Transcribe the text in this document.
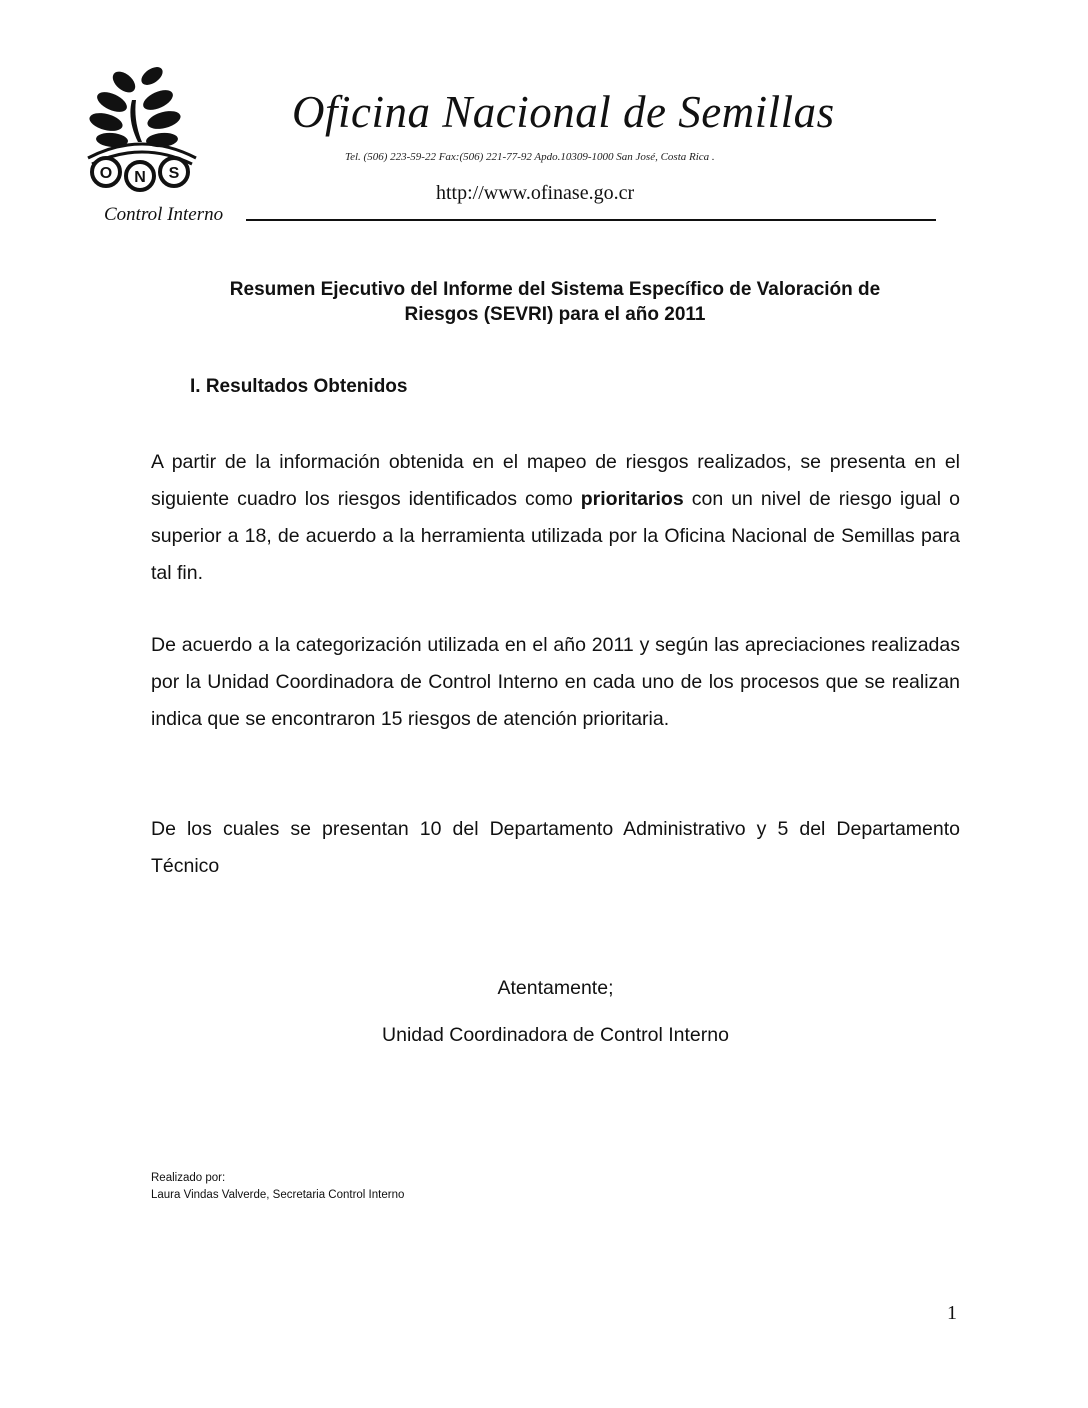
O N S
Oficina Nacional de Semillas
Tel. (506) 223-59-22 Fax:(506) 221-77-92 Apdo.10309-1000 San José, Costa Rica .
http://www.ofinase.go.cr
Control Interno
Resumen Ejecutivo del Informe del Sistema Específico de Valoración de
Riesgos (SEVRI) para el año 2011
I. Resultados Obtenidos
A partir de la información obtenida en el mapeo de riesgos realizados, se presenta en el siguiente cuadro los riesgos identificados como prioritarios con un nivel de riesgo igual o superior a 18, de acuerdo a la herramienta utilizada por la Oficina Nacional de Semillas para tal fin.
De acuerdo a la categorización utilizada en el año 2011 y según las apreciaciones realizadas por la Unidad Coordinadora de Control Interno en cada uno de los procesos que se realizan indica que se encontraron 15 riesgos de atención prioritaria.
De los cuales se presentan 10 del Departamento Administrativo y 5 del Departamento Técnico
Atentamente;
Unidad Coordinadora de Control Interno
Realizado por:
Laura Vindas Valverde, Secretaria Control Interno
1
